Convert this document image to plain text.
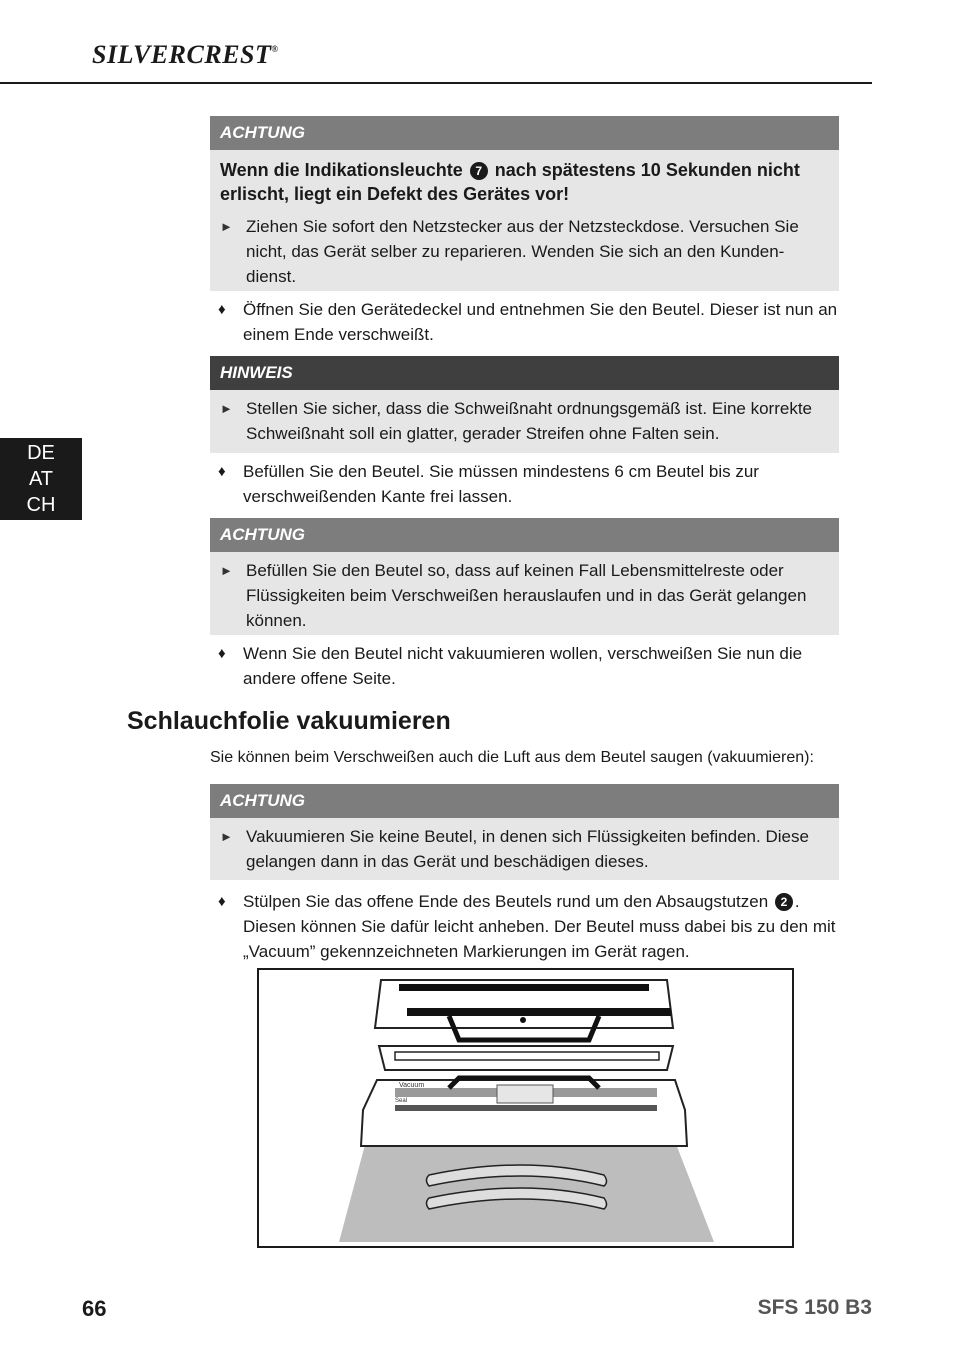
SILVERCREST®
DE
AT
CH
ACHTUNG
Wenn die Indikationsleuchte 7 nach spätestens 10 Sekunden nicht erlischt, liegt ein Defekt des Gerätes vor!
► Ziehen Sie sofort den Netzstecker aus der Netzsteckdose. Versuchen Sie nicht, das Gerät selber zu reparieren. Wenden Sie sich an den Kunden-dienst.
♦ Öffnen Sie den Gerätedeckel und entnehmen Sie den Beutel. Dieser ist nun an einem Ende verschweißt.
HINWEIS
► Stellen Sie sicher, dass die Schweißnaht ordnungsgemäß ist. Eine korrekte Schweißnaht soll ein glatter, gerader Streifen ohne Falten sein.
♦ Befüllen Sie den Beutel. Sie müssen mindestens 6 cm Beutel bis zur verschweißenden Kante frei lassen.
ACHTUNG
► Befüllen Sie den Beutel so, dass auf keinen Fall Lebensmittelreste oder Flüssigkeiten beim Verschweißen herauslaufen und in das Gerät gelangen können.
♦ Wenn Sie den Beutel nicht vakuumieren wollen, verschweißen Sie nun die andere offene Seite.
Schlauchfolie vakuumieren
Sie können beim Verschweißen auch die Luft aus dem Beutel saugen (vakuumieren):
ACHTUNG
► Vakuumieren Sie keine Beutel, in denen sich Flüssigkeiten befinden. Diese gelangen dann in das Gerät und beschädigen dieses.
♦ Stülpen Sie das offene Ende des Beutels rund um den Absaugstutzen 2 . Diesen können Sie dafür leicht anheben. Der Beutel muss dabei bis zu den mit „Vacuum” gekennzeichneten Markierungen im Gerät ragen.
Vacuum
Seal
66	SFS 150 B3
